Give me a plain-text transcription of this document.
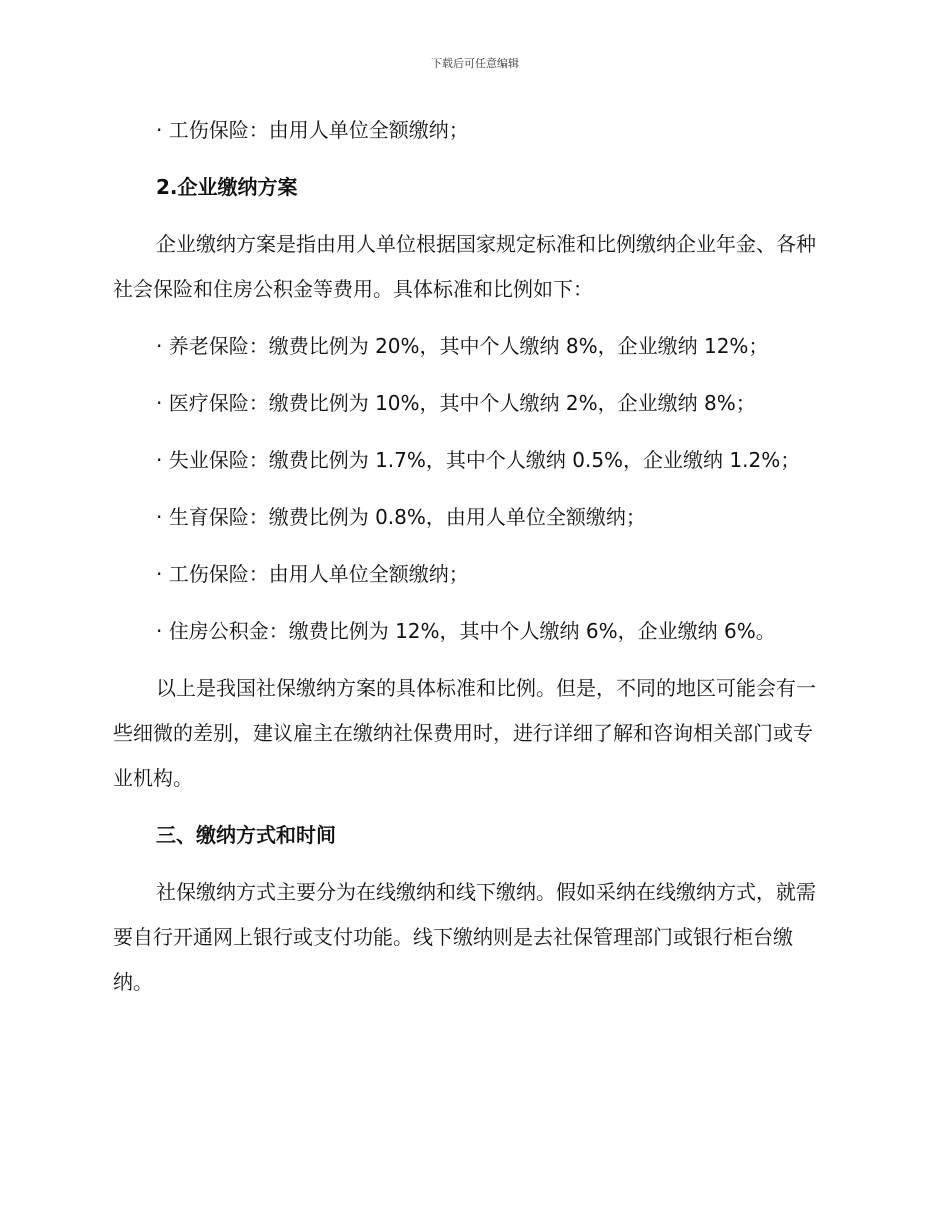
下载后可任意编辑

· 工伤保险：由用人单位全额缴纳；

2.企业缴纳方案

企业缴纳方案是指由用人单位根据国家规定标准和比例缴纳企业年金、各种社会保险和住房公积金等费用。具体标准和比例如下：

· 养老保险：缴费比例为 20%，其中个人缴纳 8%，企业缴纳 12%；

· 医疗保险：缴费比例为 10%，其中个人缴纳 2%，企业缴纳 8%；

· 失业保险：缴费比例为 1.7%，其中个人缴纳 0.5%，企业缴纳 1.2%；

· 生育保险：缴费比例为 0.8%，由用人单位全额缴纳；

· 工伤保险：由用人单位全额缴纳；

· 住房公积金：缴费比例为 12%，其中个人缴纳 6%，企业缴纳 6%。

以上是我国社保缴纳方案的具体标准和比例。但是，不同的地区可能会有一些细微的差别，建议雇主在缴纳社保费用时，进行详细了解和咨询相关部门或专业机构。

三、缴纳方式和时间

社保缴纳方式主要分为在线缴纳和线下缴纳。假如采纳在线缴纳方式，就需要自行开通网上银行或支付功能。线下缴纳则是去社保管理部门或银行柜台缴纳。
